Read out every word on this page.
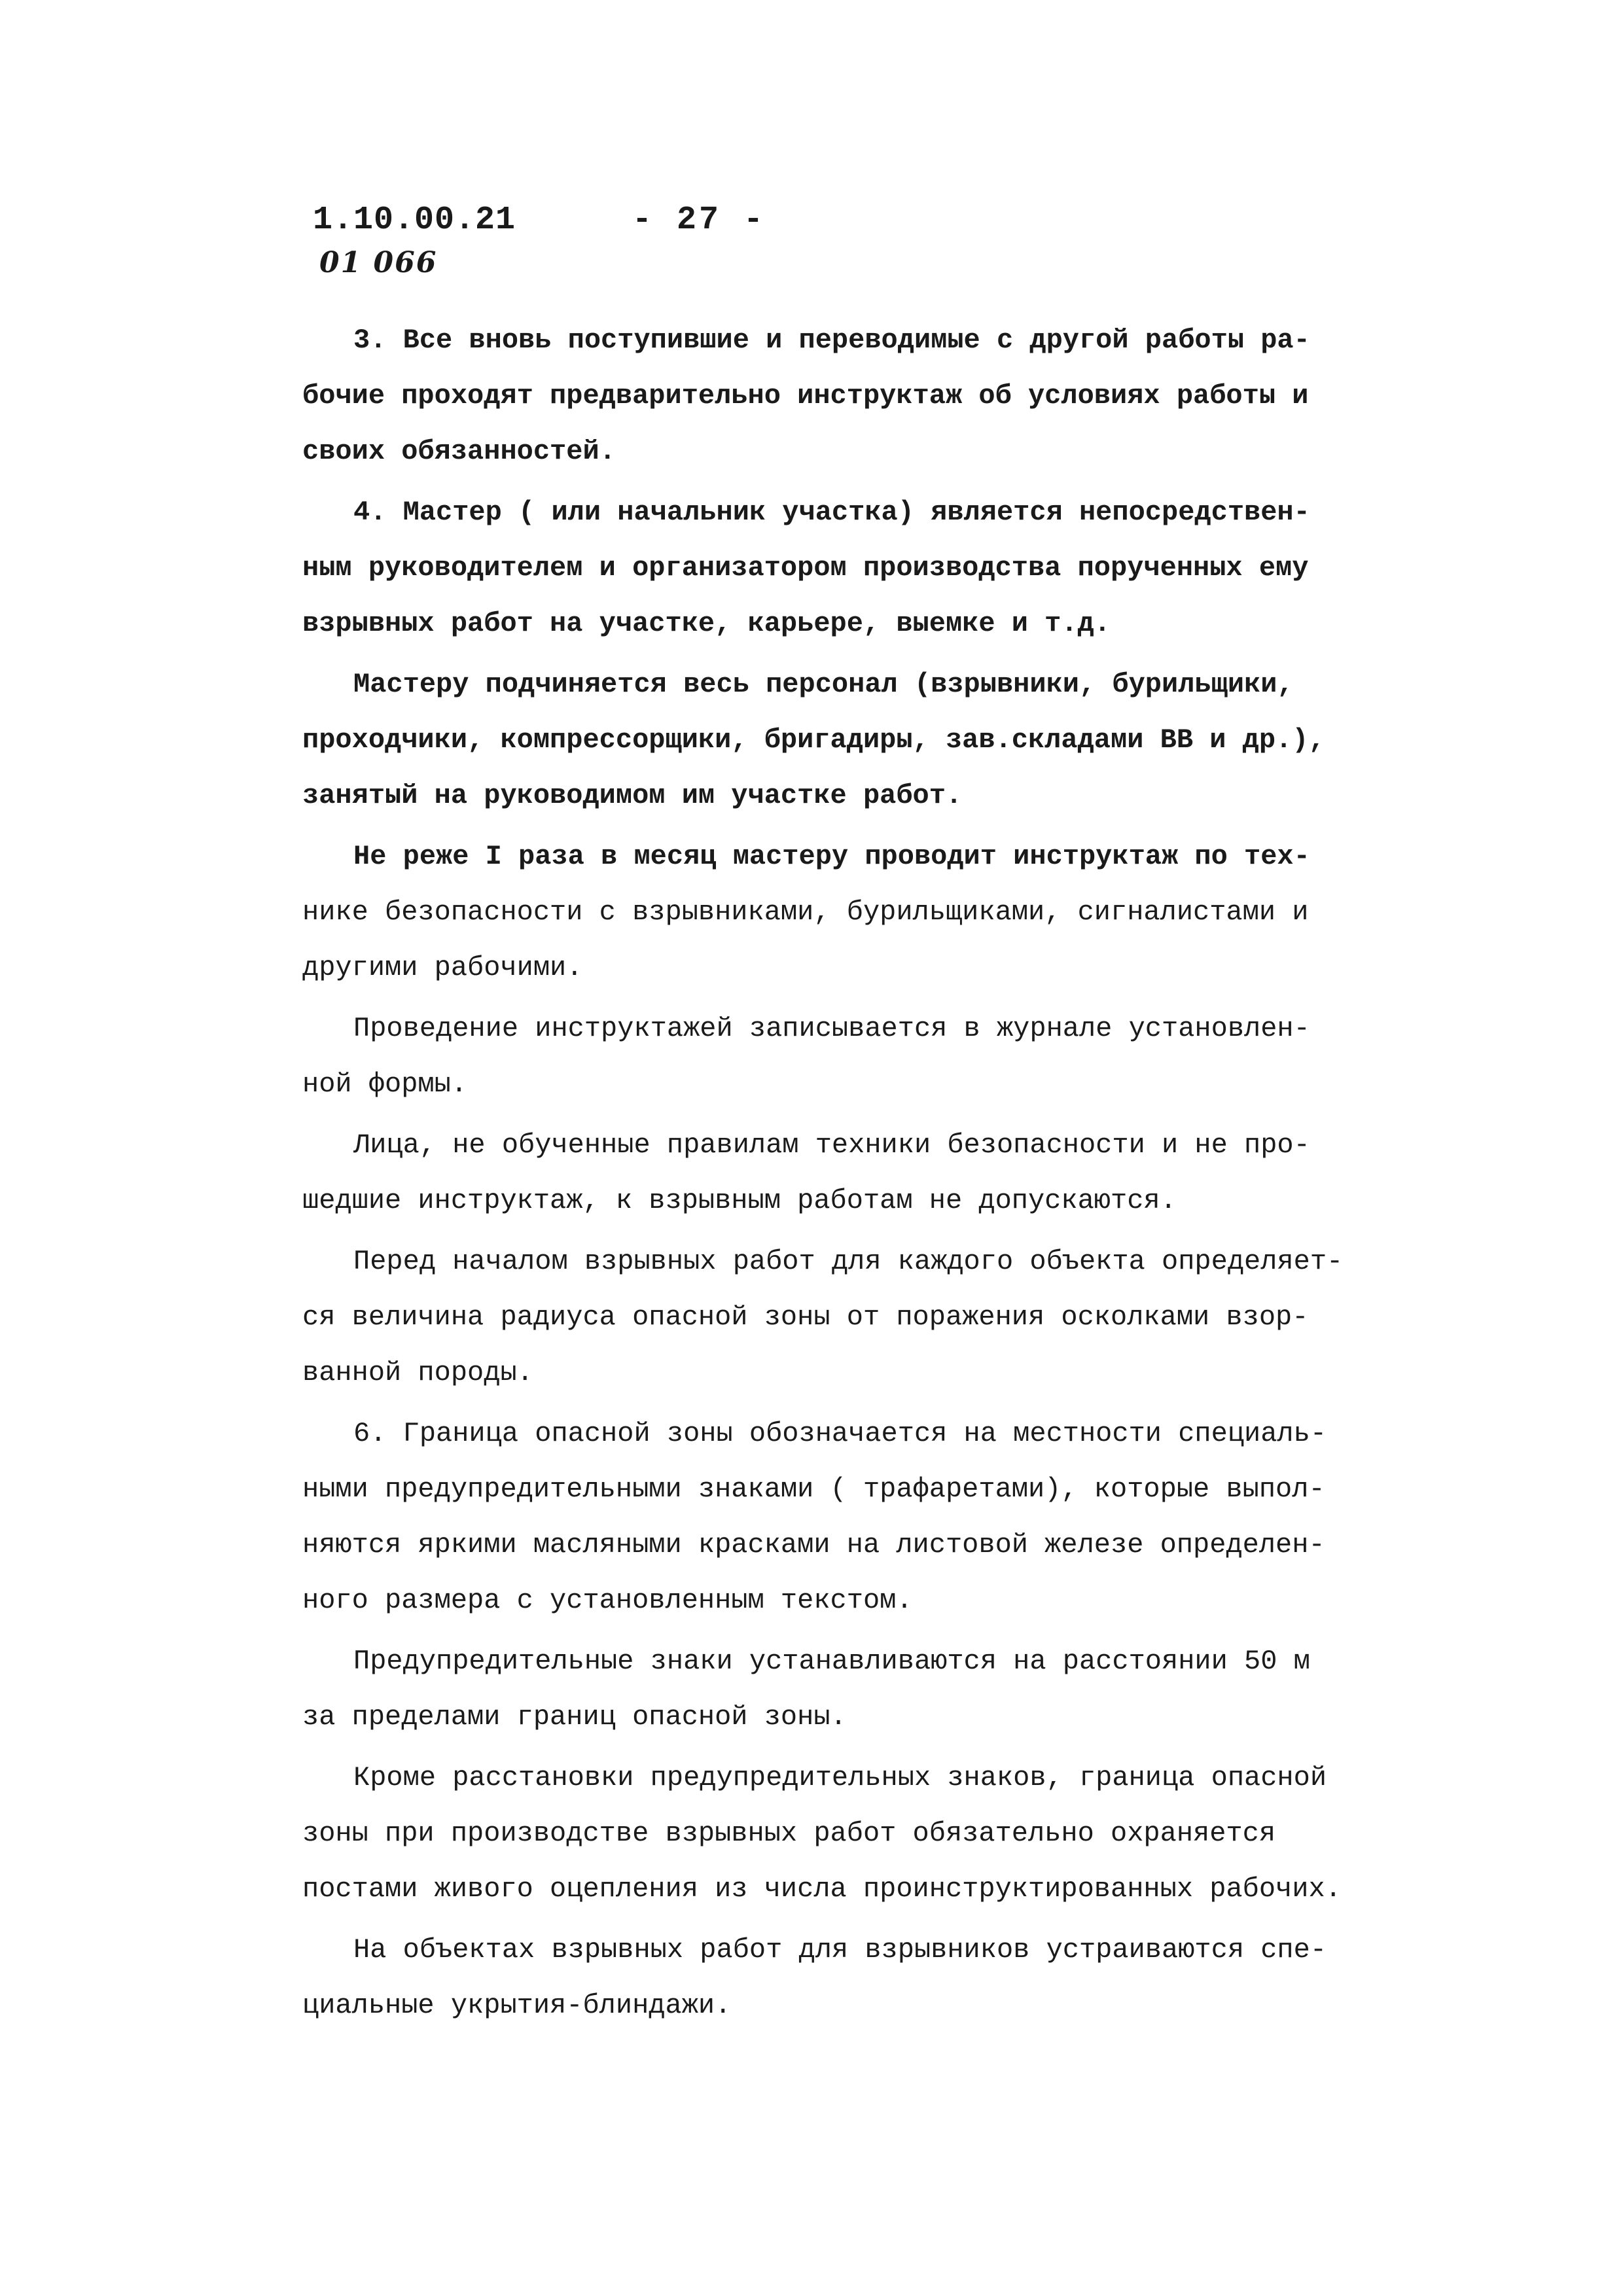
1.10.00.21	- 27 -
01 066
3. Все вновь поступившие и переводимые с другой работы ра-
бочие проходят предварительно инструктаж об условиях работы и
своих обязанностей.
4. Мастер ( или начальник участка) является непосредствен-
ным руководителем и организатором производства порученных ему
взрывных работ на участке, карьере, выемке и т.д.
Мастеру подчиняется весь персонал (взрывники, бурильщики,
проходчики, компрессорщики, бригадиры, зав.складами ВВ и др.),
занятый на руководимом им участке работ.
Не реже I раза в месяц мастеру проводит инструктаж по тех-
нике безопасности с взрывниками, бурильщиками, сигналистами и
другими рабочими.
Проведение инструктажей записывается в журнале установлен-
ной формы.
Лица, не обученные правилам техники безопасности и не про-
шедшие инструктаж, к взрывным работам не допускаются.
Перед началом взрывных работ для каждого объекта определяет-
ся величина радиуса опасной зоны от поражения осколками взор-
ванной породы.
6. Граница опасной зоны обозначается на местности специаль-
ными предупредительными знаками ( трафаретами), которые выпол-
няются яркими масляными красками на листовой железе определен-
ного размера с установленным текстом.
Предупредительные знаки устанавливаются на расстоянии 50 м
за пределами границ опасной зоны.
Кроме расстановки предупредительных знаков, граница опасной
зоны при производстве взрывных работ обязательно охраняется
постами живого оцепления из числа проинструктированных рабочих.
На объектах взрывных работ для взрывников устраиваются спе-
циальные укрытия-блиндажи.
